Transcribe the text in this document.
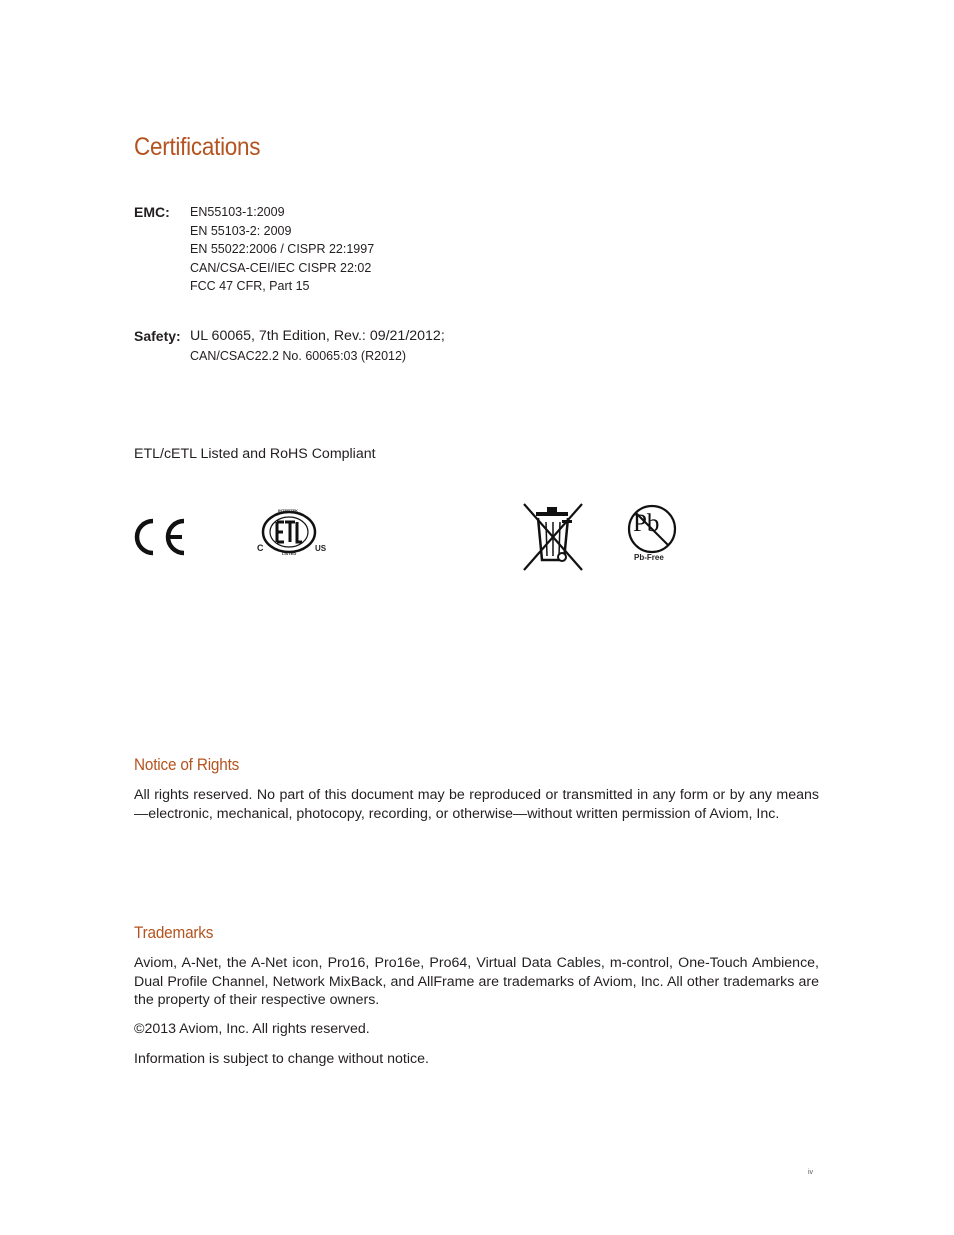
Certifications
EMC: EN55103-1:2009
EN 55103-2: 2009
EN 55022:2006 / CISPR 22:1997
CAN/CSA-CEI/IEC CISPR 22:02
FCC 47 CFR, Part 15
Safety: UL 60065, 7th Edition, Rev.: 09/21/2012;
CAN/CSAC22.2 No. 60065:03 (R2012)
ETL/cETL Listed and RoHS Compliant
INTERTEK
LISTED
C	US
Pb
Pb-Free
Notice of Rights

All rights reserved. No part of this document may be reproduced or transmitted in any form or by any means—electronic, mechanical, photocopy, recording, or otherwise—without written permission of Aviom, Inc.

Trademarks

Aviom, A-Net, the A-Net icon, Pro16, Pro16e, Pro64, Virtual Data Cables, m-control, One-Touch Ambience, Dual Profile Channel, Network MixBack, and AllFrame are trademarks of Aviom, Inc. All other trademarks are the property of their respective owners.

©2013 Aviom, Inc. All rights reserved.
Information is subject to change without notice.
iv
